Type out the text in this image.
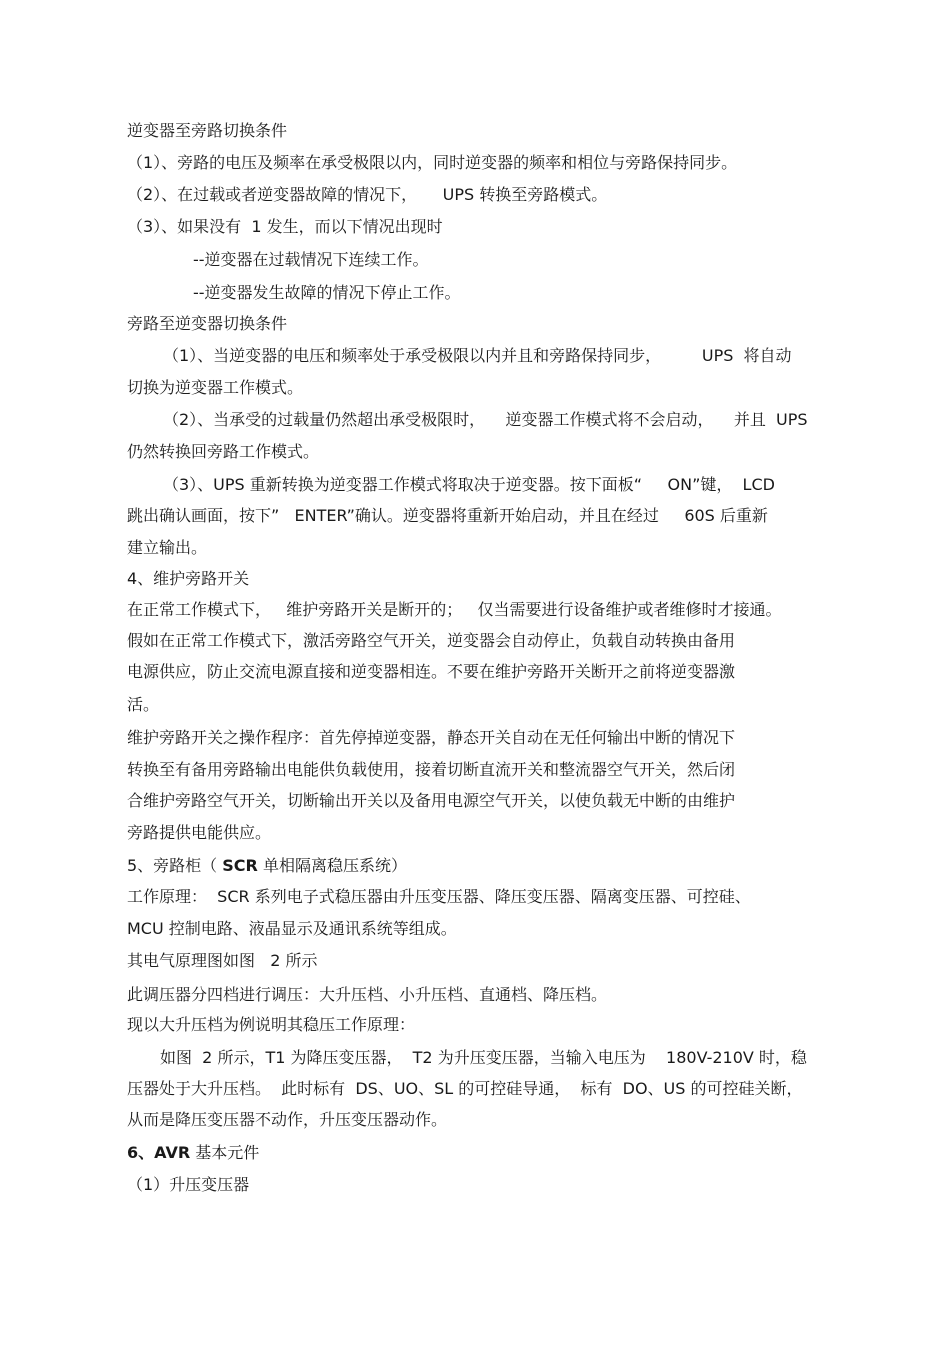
逆变器至旁路切换条件
（1）、旁路的电压及频率在承受极限以内，同时逆变器的频率和相位与旁路保持同步。
（2）、在过载或者逆变器故障的情况下，     UPS 转换至旁路模式。
（3）、如果没有  1 发生，而以下情况出现时
--逆变器在过载情况下连续工作。
--逆变器发生故障的情况下停止工作。
旁路至逆变器切换条件
（1）、当逆变器的电压和频率处于承受极限以内并且和旁路保持同步，        UPS  将自动
切换为逆变器工作模式。
（2）、当承受的过载量仍然超出承受极限时，    逆变器工作模式将不会启动，    并且  UPS
仍然转换回旁路工作模式。
（3）、UPS 重新转换为逆变器工作模式将取决于逆变器。按下面板“     ON”键，  LCD
跳出确认画面，按下”   ENTER”确认。逆变器将重新开始启动，并且在经过     60S 后重新
建立输出。
4、维护旁路开关
在正常工作模式下，   维护旁路开关是断开的；   仅当需要进行设备维护或者维修时才接通。
假如在正常工作模式下，激活旁路空气开关，逆变器会自动停止，负载自动转换由备用
电源供应，防止交流电源直接和逆变器相连。不要在维护旁路开关断开之前将逆变器激
活。
维护旁路开关之操作程序：首先停掉逆变器，静态开关自动在无任何输出中断的情况下
转换至有备用旁路输出电能供负载使用，接着切断直流开关和整流器空气开关，然后闭
合维护旁路空气开关，切断输出开关以及备用电源空气开关，以使负载无中断的由维护
旁路提供电能供应。
5、旁路柜（ SCR 单相隔离稳压系统）
工作原理：  SCR 系列电子式稳压器由升压变压器、降压变压器、隔离变压器、可控硅、
MCU 控制电路、液晶显示及通讯系统等组成。
其电气原理图如图   2 所示
此调压器分四档进行调压：大升压档、小升压档、直通档、降压档。
现以大升压档为例说明其稳压工作原理：
如图  2 所示，T1 为降压变压器，  T2 为升压变压器，当输入电压为    180V-210V 时，稳
压器处于大升压档。  此时标有  DS、UO、SL 的可控硅导通，  标有  DO、US 的可控硅关断，
从而是降压变压器不动作，升压变压器动作。
6、AVR 基本元件
（1）升压变压器
